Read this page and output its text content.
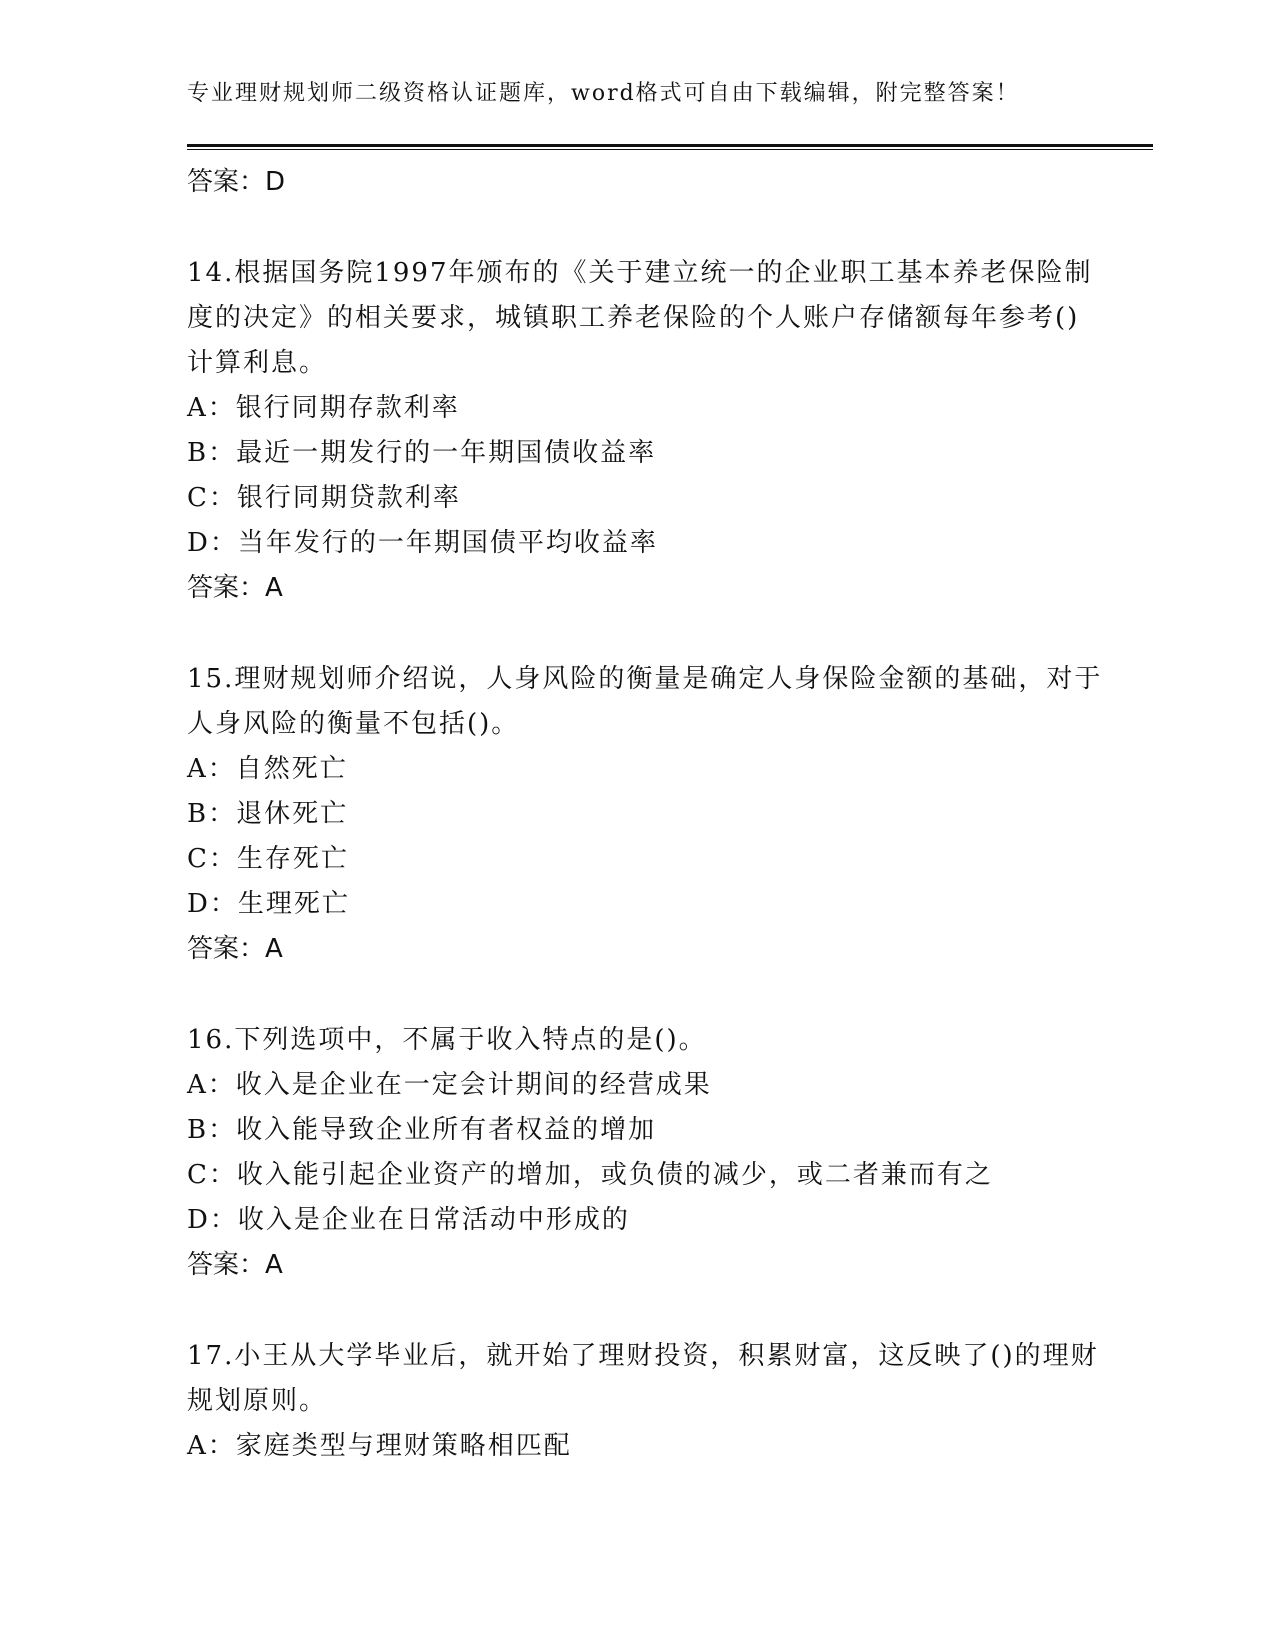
专业理财规划师二级资格认证题库，word格式可自由下载编辑，附完整答案！
答案：D
14.根据国务院1997年颁布的《关于建立统一的企业职工基本养老保险制度的决定》的相关要求，城镇职工养老保险的个人账户存储额每年参考()计算利息。
A：银行同期存款利率
B：最近一期发行的一年期国债收益率
C：银行同期贷款利率
D：当年发行的一年期国债平均收益率
答案：A
15.理财规划师介绍说，人身风险的衡量是确定人身保险金额的基础，对于人身风险的衡量不包括()。
A：自然死亡
B：退休死亡
C：生存死亡
D：生理死亡
答案：A
16.下列选项中，不属于收入特点的是()。
A：收入是企业在一定会计期间的经营成果
B：收入能导致企业所有者权益的增加
C：收入能引起企业资产的增加，或负债的减少，或二者兼而有之
D：收入是企业在日常活动中形成的
答案：A
17.小王从大学毕业后，就开始了理财投资，积累财富，这反映了()的理财规划原则。
A：家庭类型与理财策略相匹配
